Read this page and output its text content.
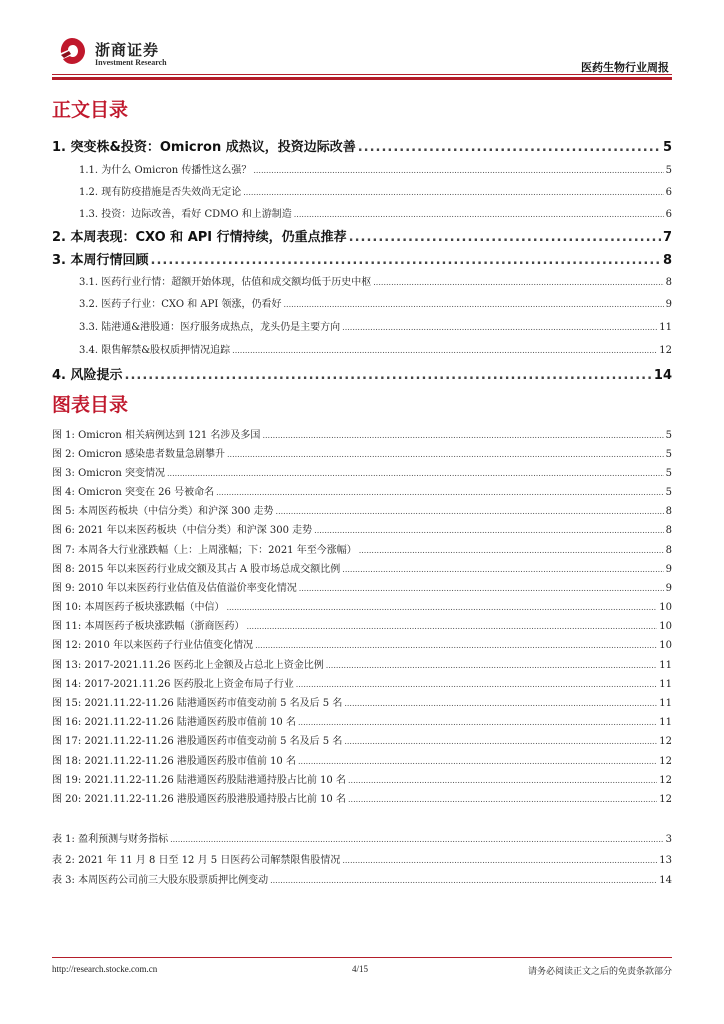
浙商证券
Investment Research	医药生物行业周报
正文目录
1. 突变株&投资：Omicron 成热议，投资边际改善 .....	5
1.1. 为什么 Omicron 传播性这么强？ .....	5
1.2. 现有防疫措施是否失效尚无定论 .....	6
1.3. 投资：边际改善，看好 CDMO 和上游制造 .....	6
2. 本周表现：CXO 和 API 行情持续，仍重点推荐 .....	7
3. 本周行情回顾 .....	8
3.1. 医药行业行情：超额开始体现，估值和成交额均低于历史中枢 .....	8
3.2. 医药子行业：CXO 和 API 领涨，仍看好 .....	9
3.3. 陆港通&港股通：医疗服务成热点，龙头仍是主要方向 .....	11
3.4. 限售解禁&股权质押情况追踪 .....	12
4. 风险提示 .....	14
图表目录
图 1: Omicron 相关病例达到 121 名涉及多国 .....	5
图 2: Omicron 感染患者数量急剧攀升 .....	5
图 3: Omicron 突变情况 .....	5
图 4: Omicron 突变在 26 号被命名 .....	5
图 5: 本周医药板块（中信分类）和沪深 300 走势 .....	8
图 6: 2021 年以来医药板块（中信分类）和沪深 300 走势 .....	8
图 7: 本周各大行业涨跌幅（上：上周涨幅；下：2021 年至今涨幅） .....	8
图 8: 2015 年以来医药行业成交额及其占 A 股市场总成交额比例 .....	9
图 9: 2010 年以来医药行业估值及估值溢价率变化情况 .....	9
图 10: 本周医药子板块涨跌幅（中信） .....	10
图 11: 本周医药子板块涨跌幅（浙商医药） .....	10
图 12: 2010 年以来医药子行业估值变化情况 .....	10
图 13: 2017-2021.11.26 医药北上金额及占总北上资金比例 .....	11
图 14: 2017-2021.11.26 医药股北上资金布局子行业 .....	11
图 15: 2021.11.22-11.26 陆港通医药市值变动前 5 名及后 5 名 .....	11
图 16: 2021.11.22-11.26 陆港通医药股市值前 10 名 .....	11
图 17: 2021.11.22-11.26 港股通医药市值变动前 5 名及后 5 名 .....	12
图 18: 2021.11.22-11.26 港股通医药股市值前 10 名 .....	12
图 19: 2021.11.22-11.26 陆港通医药股陆港通持股占比前 10 名 .....	12
图 20: 2021.11.22-11.26 港股通医药股港股通持股占比前 10 名 .....	12
表 1: 盈利预测与财务指标 .....	3
表 2: 2021 年 11 月 8 日至 12 月 5 日医药公司解禁限售股情况 .....	13
表 3: 本周医药公司前三大股东股票质押比例变动 .....	14
http://research.stocke.com.cn	4/15	请务必阅读正文之后的免责条款部分
